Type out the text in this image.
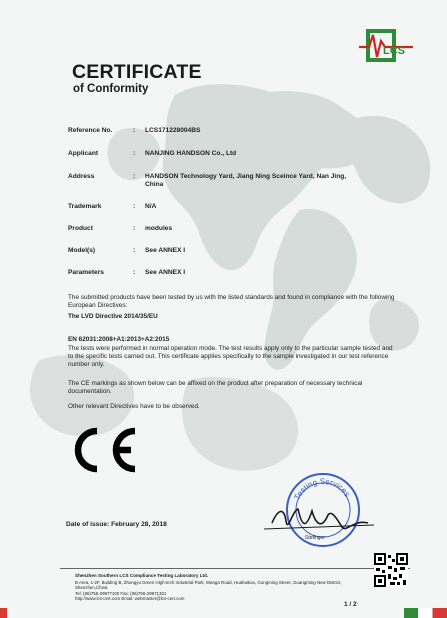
LCS
CERTIFICATE
of Conformity
Reference No.	: LCS171228004BS
Applicant	: NANJING HANDSON Co., Ltd
Address	: HANDSON Technology Yard, Jiang Ning Sceince Yard, Nan Jing,
China
Trademark	: N/A
Product	: modules
Model(s)	: See ANNEX I
Parameters	: See ANNEX I
The submitted products have been tested by us with the listed standards and found in compliance with the following European Directives:
The LVD Directive 2014/35/EU
EN 62031:2008+A1:2013+A2:2015
The tests were performed in normal operation mode. The test results apply only to the particular sample tested and to the specific tests carried out. This certificate applies specifically to the sample investigated in our test reference number only.
The CE markings as shown below can be affixed on the product after preparation of necessary technical documentation.
Other relevant Directives have to be observed.
Date of issue: February 28, 2018
Testing Services
Stefinger
Shenzhen Southern LCS Compliance Testing Laboratory Ltd.
B Area, 1-2F, Building B, Zhongyu Green High-tech Industrial Park, Wanga Road, Huahaikou, Gongming Street, Guangming New District, Shenzhen,China
Tel: (86)755-29977100 Fax: (86)755-29971331
http://www.lcs-cert.com Email: webmaster@lcs-cert.com
1 / 2
